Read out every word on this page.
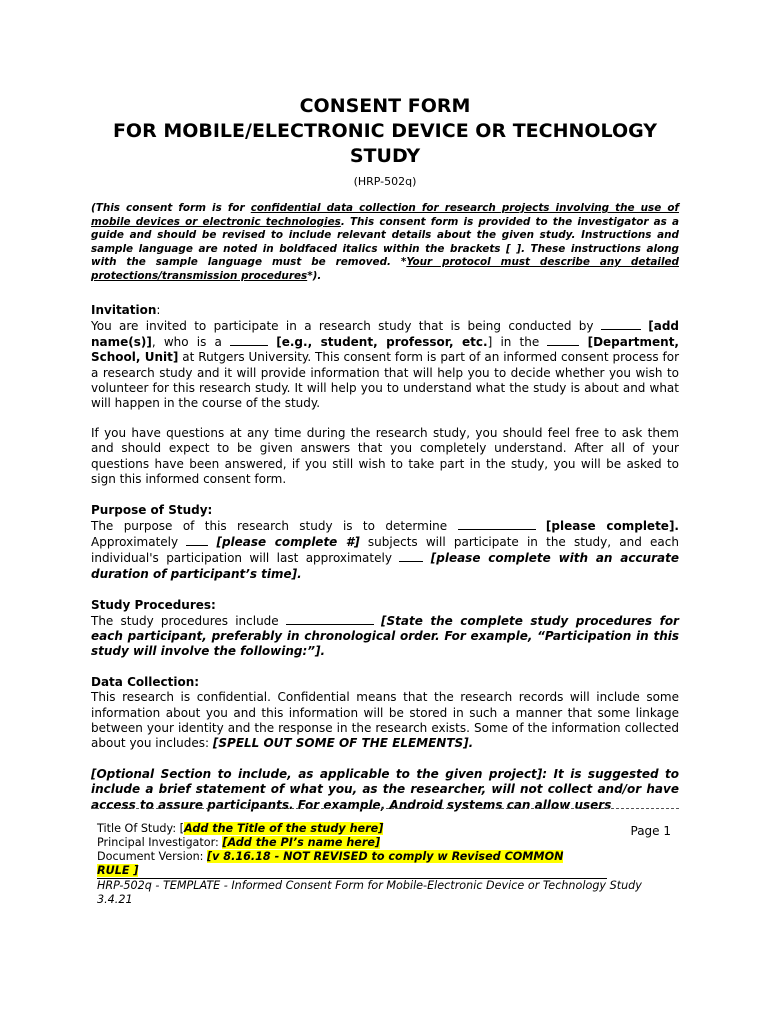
CONSENT FORM
FOR MOBILE/ELECTRONIC DEVICE OR TECHNOLOGY
STUDY
(HRP-502q)

(This consent form is for confidential data collection for research projects involving the use of mobile devices or electronic technologies. This consent form is provided to the investigator as a guide and should be revised to include relevant details about the given study. Instructions and sample language are noted in boldfaced italics within the brackets [ ]. These instructions along with the sample language must be removed. *Your protocol must describe any detailed protections/transmission procedures*).

Invitation:

You are invited to participate in a research study that is being conducted by	[add name(s)], who is a	[e.g., student, professor, etc.] in the	[Department, School, Unit] at Rutgers University. This consent form is part of an informed consent process for a research study and it will provide information that will help you to decide whether you wish to volunteer for this research study. It will help you to understand what the study is about and what will happen in the course of the study.

If you have questions at any time during the research study, you should feel free to ask them and should expect to be given answers that you completely understand. After all of your questions have been answered, if you still wish to take part in the study, you will be asked to sign this informed consent form.

Purpose of Study:

The purpose of this research study is to determine	[please complete]. Approximately	[please complete #] subjects will participate in the study, and each individual's participation will last approximately	[please complete with an accurate duration of participant’s time].

Study Procedures:

The study procedures include	[State the complete study procedures for each participant, preferably in chronological order. For example, “Participation in this study will involve the following:”].

Data Collection:

This research is confidential. Confidential means that the research records will include some information about you and this information will be stored in such a manner that some linkage between your identity and the response in the research exists. Some of the information collected about you includes: [SPELL OUT SOME OF THE ELEMENTS].

[Optional Section to include, as applicable to the given project]: It is suggested to include a brief statement of what you, as the researcher, will not collect and/or have access to assure participants. For example, Android systems can allow users

Page 1
Title Of Study: [Add the Title of the study here]
Principal Investigator: [Add the PI’s name here]
Document Version: [v 8.16.18 - NOT REVISED to comply w Revised COMMON
RULE ]
HRP-502q - TEMPLATE - Informed Consent Form for Mobile-Electronic Device or Technology Study 3.4.21
